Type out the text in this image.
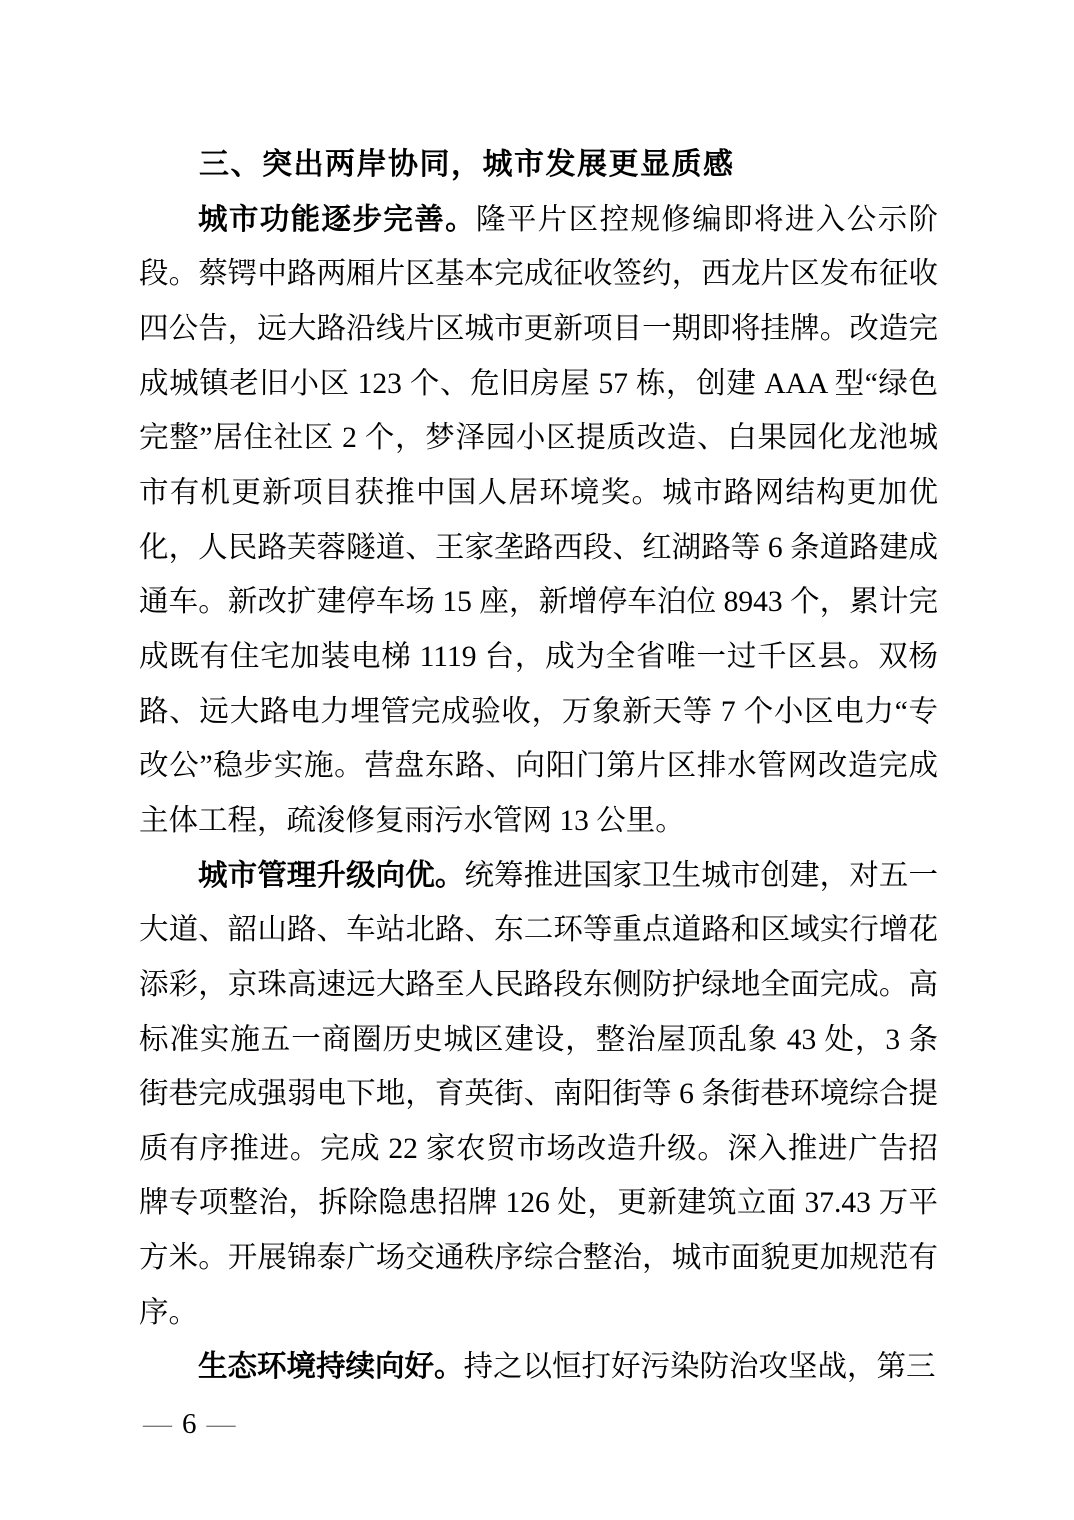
三、突出两岸协同，城市发展更显质感

城市功能逐步完善。隆平片区控规修编即将进入公示阶段。蔡锷中路两厢片区基本完成征收签约，西龙片区发布征收四公告，远大路沿线片区城市更新项目一期即将挂牌。改造完成城镇老旧小区 123 个、危旧房屋 57 栋，创建 AAA 型“绿色完整”居住社区 2 个，梦泽园小区提质改造、白果园化龙池城市有机更新项目获推中国人居环境奖。城市路网结构更加优化，人民路芙蓉隧道、王家垄路西段、红湖路等 6 条道路建成通车。新改扩建停车场 15 座，新增停车泊位 8943 个，累计完成既有住宅加装电梯 1119 台，成为全省唯一过千区县。双杨路、远大路电力埋管完成验收，万象新天等 7 个小区电力“专改公”稳步实施。营盘东路、向阳门第片区排水管网改造完成主体工程，疏浚修复雨污水管网 13 公里。

城市管理升级向优。统筹推进国家卫生城市创建，对五一大道、韶山路、车站北路、东二环等重点道路和区域实行增花添彩，京珠高速远大路至人民路段东侧防护绿地全面完成。高标准实施五一商圈历史城区建设，整治屋顶乱象 43 处，3 条街巷完成强弱电下地，育英街、南阳街等 6 条街巷环境综合提质有序推进。完成 22 家农贸市场改造升级。深入推进广告招牌专项整治，拆除隐患招牌 126 处，更新建筑立面 37.43 万平方米。开展锦泰广场交通秩序综合整治，城市面貌更加规范有序。

生态环境持续向好。持之以恒打好污染防治攻坚战，第三

— 6 —
